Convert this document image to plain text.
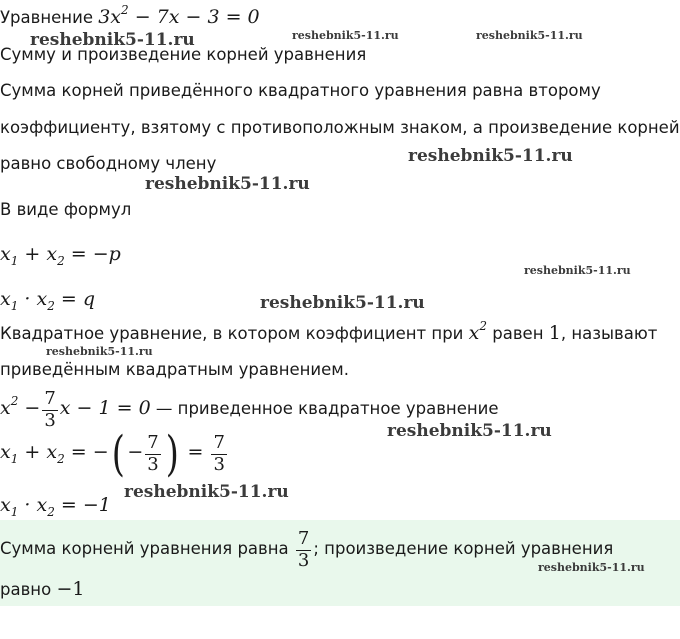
Уравнение $3x^2 - 7x - 3 = 0$
Сумму и произведение корней уравнения
Сумма корней приведённого квадратного уравнения равна второму
коэффициенту, взятому с противоположным знаком, а произведение корней
равно свободному члену
В виде формул
$x_1 + x_2 = -p$
$x_1 \cdot x_2 = q$
Квадратное уравнение, в котором коэффициент при $x^2$ равен 1, называют
приведённым квадратным уравнением.
$x^2 - \frac{7}{3}$ x − 1 = 0 — приведенное квадратное уравнение
$x_1 + x_2$ = −( − $\frac{7}{3}$ ) = $\frac{7}{3}$
$x_1 \cdot x_2 = -1$
Сумма корненй уравнения равна $\frac{7}{3}$ ; произведение корней уравнения
равно −1
reshebnik5-11.ru	reshebnik5-11.ru	reshebnik5-11.ru
reshebnik5-11.ru
reshebnik5-11.ru
reshebnik5-11.ru
reshebnik5-11.ru
reshebnik5-11.ru
reshebnik5-11.ru
reshebnik5-11.ru
reshebnik5-11.ru
